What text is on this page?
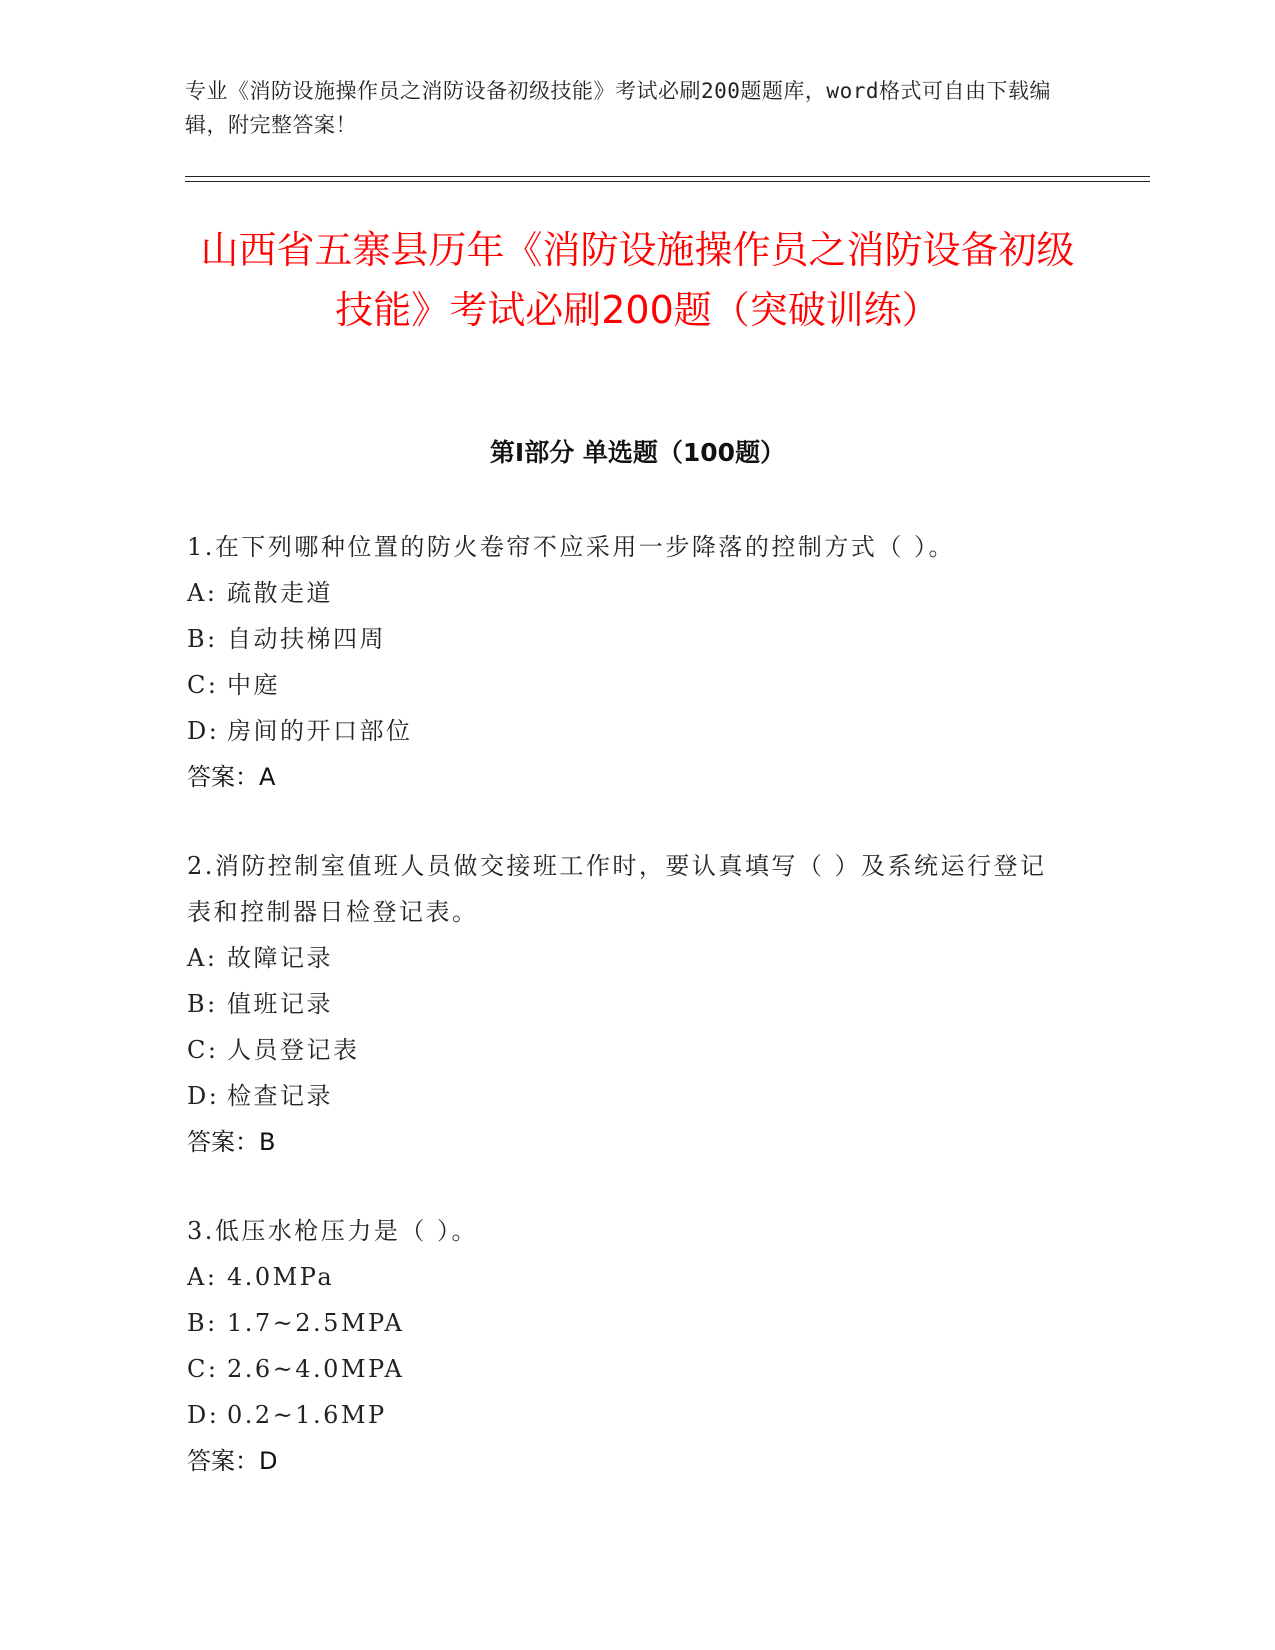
专业《消防设施操作员之消防设备初级技能》考试必刷200题题库，word格式可自由下载编辑，附完整答案！
山西省五寨县历年《消防设施操作员之消防设备初级技能》考试必刷200题（突破训练）
第I部分 单选题（100题）
1.在下列哪种位置的防火卷帘不应采用一步降落的控制方式（ ）。
A: 疏散走道
B: 自动扶梯四周
C: 中庭
D: 房间的开口部位
答案：A
2.消防控制室值班人员做交接班工作时，要认真填写（ ）及系统运行登记表和控制器日检登记表。
A: 故障记录
B: 值班记录
C: 人员登记表
D: 检查记录
答案：B
3.低压水枪压力是（ ）。
A: 4.0MPa
B: 1.7~2.5MPA
C: 2.6~4.0MPA
D: 0.2~1.6MP
答案：D
